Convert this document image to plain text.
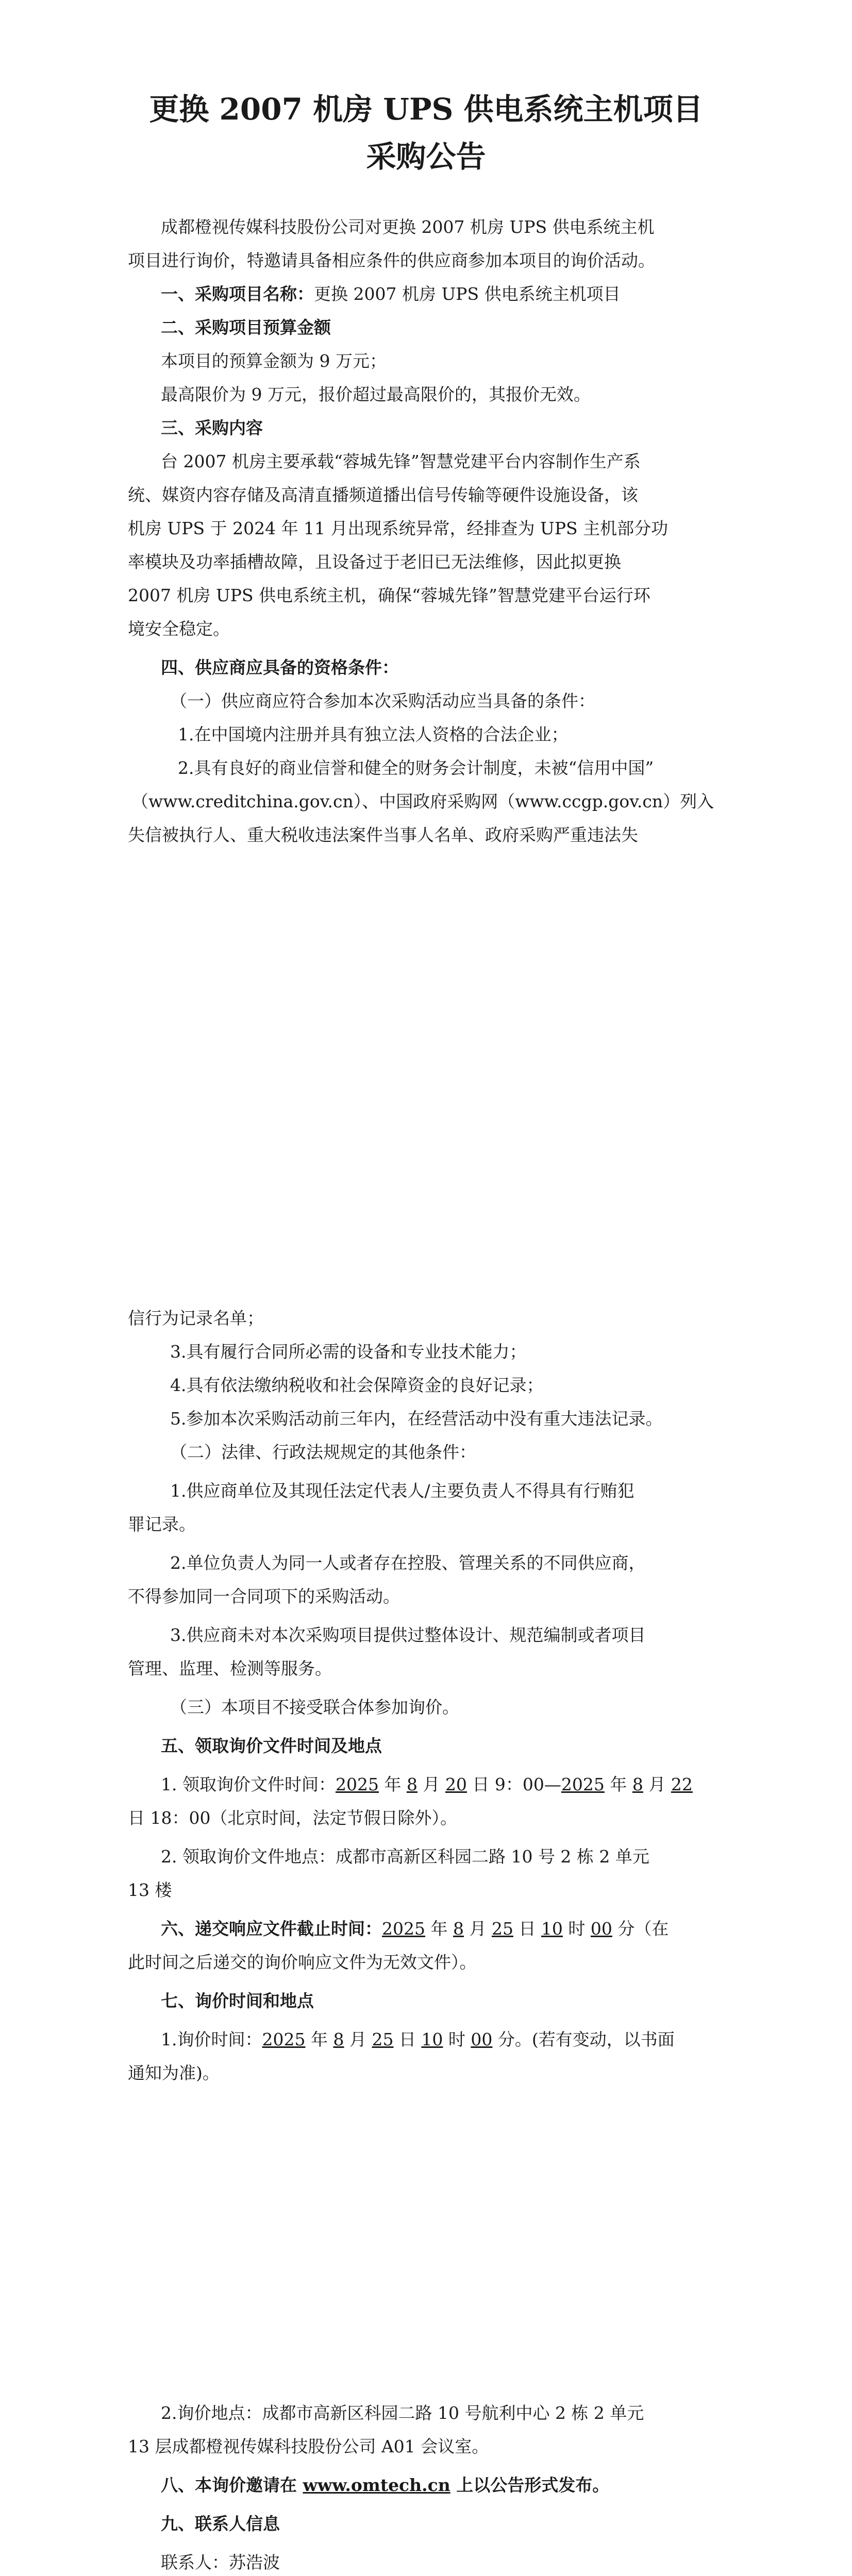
更换 2007 机房 UPS 供电系统主机项目
采购公告
成都橙视传媒科技股份公司对更换 2007 机房 UPS 供电系统主机
项目进行询价，特邀请具备相应条件的供应商参加本项目的询价活动。
一、采购项目名称：更换 2007 机房 UPS 供电系统主机项目
二、采购项目预算金额
本项目的预算金额为 9 万元；
最高限价为 9 万元，报价超过最高限价的，其报价无效。
三、采购内容
台 2007 机房主要承载“蓉城先锋”智慧党建平台内容制作生产系
统、媒资内容存储及高清直播频道播出信号传输等硬件设施设备，该
机房 UPS 于 2024 年 11 月出现系统异常，经排查为 UPS 主机部分功
率模块及功率插槽故障，且设备过于老旧已无法维修，因此拟更换
2007 机房 UPS 供电系统主机，确保“蓉城先锋”智慧党建平台运行环
境安全稳定。
四、供应商应具备的资格条件：
（一）供应商应符合参加本次采购活动应当具备的条件：
1.在中国境内注册并具有独立法人资格的合法企业；
2.具有良好的商业信誉和健全的财务会计制度，未被“信用中国”
（www.creditchina.gov.cn）、中国政府采购网（www.ccgp.gov.cn）列入
失信被执行人、重大税收违法案件当事人名单、政府采购严重违法失
信行为记录名单；
3.具有履行合同所必需的设备和专业技术能力；
4.具有依法缴纳税收和社会保障资金的良好记录；
5.参加本次采购活动前三年内，在经营活动中没有重大违法记录。
（二）法律、行政法规规定的其他条件：
1.供应商单位及其现任法定代表人/主要负责人不得具有行贿犯
罪记录。
2.单位负责人为同一人或者存在控股、管理关系的不同供应商，
不得参加同一合同项下的采购活动。
3.供应商未对本次采购项目提供过整体设计、规范编制或者项目
管理、监理、检测等服务。
（三）本项目不接受联合体参加询价。
五、领取询价文件时间及地点
1. 领取询价文件时间：2025 年 8 月 20 日 9：00—2025 年 8 月 22
日 18：00（北京时间，法定节假日除外）。
2. 领取询价文件地点：成都市高新区科园二路 10 号 2 栋 2 单元
13 楼
六、递交响应文件截止时间：2025 年 8 月 25 日 10 时 00 分（在
此时间之后递交的询价响应文件为无效文件）。
七、询价时间和地点
1.询价时间：2025 年 8 月 25 日 10 时 00 分。(若有变动，以书面
通知为准)。
2.询价地点：成都市高新区科园二路 10 号航利中心 2 栋 2 单元
13 层成都橙视传媒科技股份公司 A01 会议室。
八、本询价邀请在 www.omtech.cn 上以公告形式发布。
九、联系人信息
联系人：苏浩波
